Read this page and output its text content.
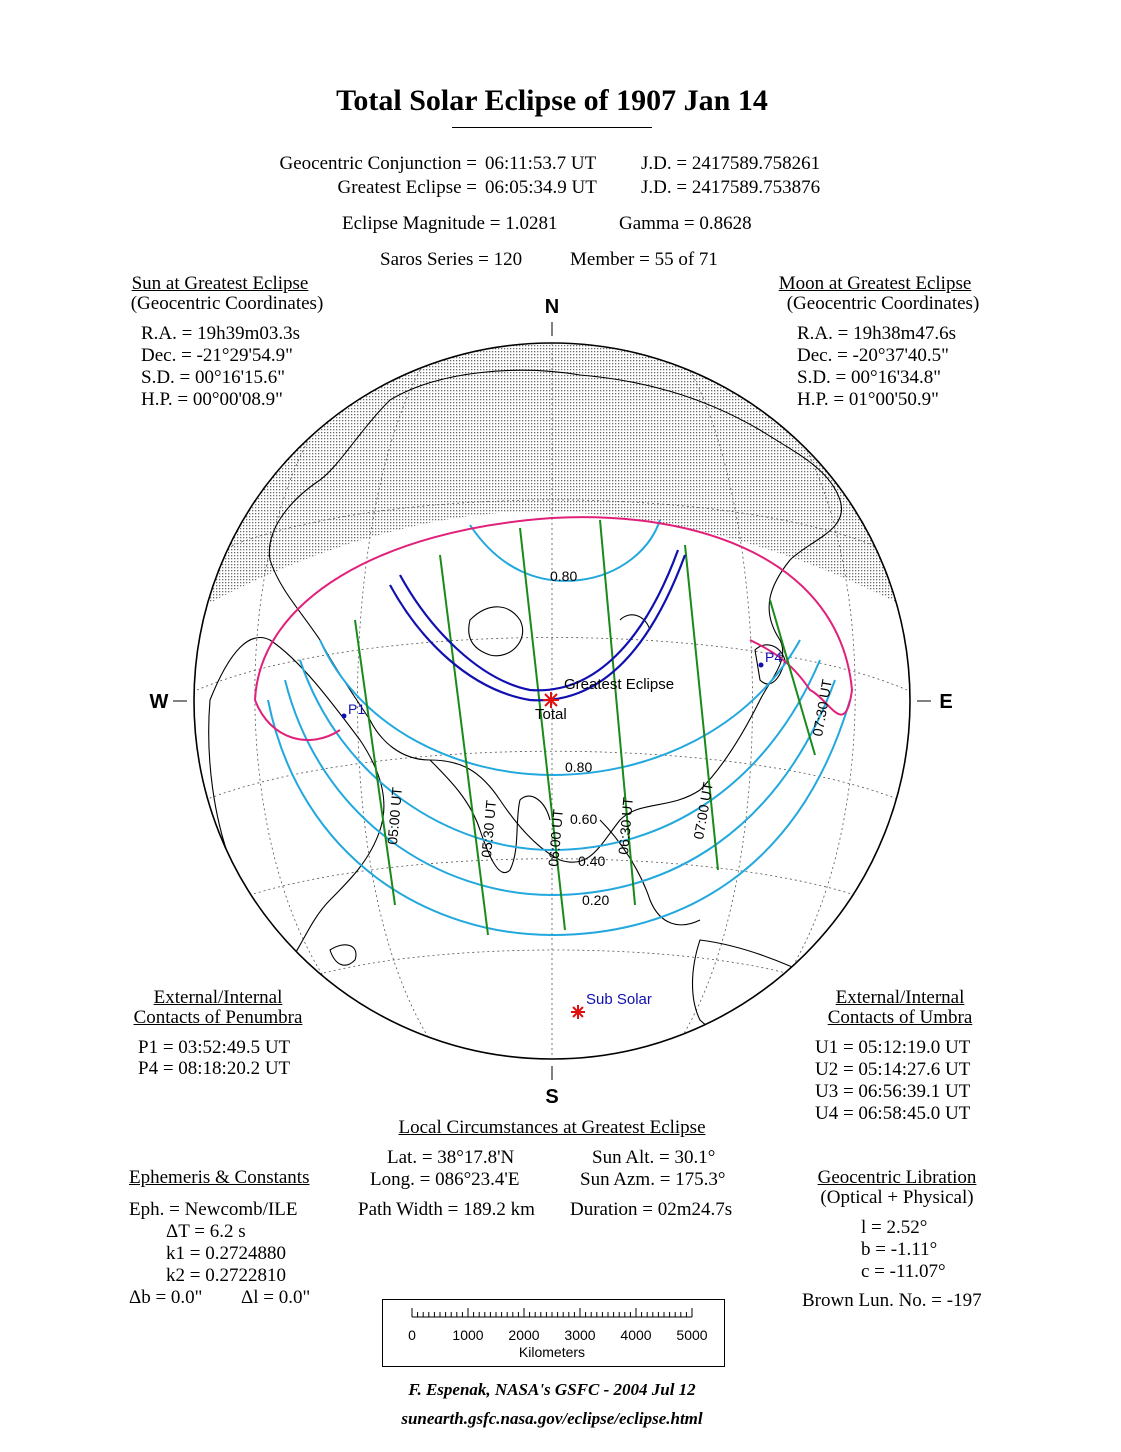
Total Solar Eclipse of 1907 Jan 14
Geocentric Conjunction = 06:11:53.7 UT J.D. = 2417589.758261
Greatest Eclipse = 06:05:34.9 UT J.D. = 2417589.753876
Eclipse Magnitude = 1.0281	Gamma = 0.8628
Saros Series = 120	Member = 55 of 71
Sun at Greatest Eclipse
(Geocentric Coordinates)
R.A. = 19h39m03.3s
Dec. = -21°29'54.9"
S.D. = 00°16'15.6"
H.P. = 00°00'08.9"
Moon at Greatest Eclipse
(Geocentric Coordinates)
R.A. = 19h38m47.6s
Dec. = -20°37'40.5"
S.D. = 00°16'34.8"
H.P. = 01°00'50.9"
N
S
W	E
0.80
0.80
0.60
0.40
0.20
05:00 UT	05:30 UT	06:00 UT	06:30 UT	07:00 UT
07:30 UT
Greatest Eclipse
Total
Sub Solar
P1
P4
External/Internal
Contacts of Penumbra
P1 = 03:52:49.5 UT
P4 = 08:18:20.2 UT
External/Internal
Contacts of Umbra
U1 = 05:12:19.0 UT
U2 = 05:14:27.6 UT
U3 = 06:56:39.1 UT
U4 = 06:58:45.0 UT
Local Circumstances at Greatest Eclipse
Lat. = 38°17.8'N	Sun Alt. = 30.1°
Long. = 086°23.4'E	Sun Azm. = 175.3°
Path Width = 189.2 km Duration = 02m24.7s
Ephemeris & Constants
Eph. = Newcomb/ILE
ΔT = 6.2 s
k1 = 0.2724880
k2 = 0.2722810
Δb = 0.0" Δl = 0.0"
Geocentric Libration
(Optical + Physical)
l = 2.52°
b = -1.11°
c = -11.07°
Brown Lun. No. = -197
0	1000 2000 3000 4000 5000
Kilometers
F. Espenak, NASA's GSFC - 2004 Jul 12
sunearth.gsfc.nasa.gov/eclipse/eclipse.html
